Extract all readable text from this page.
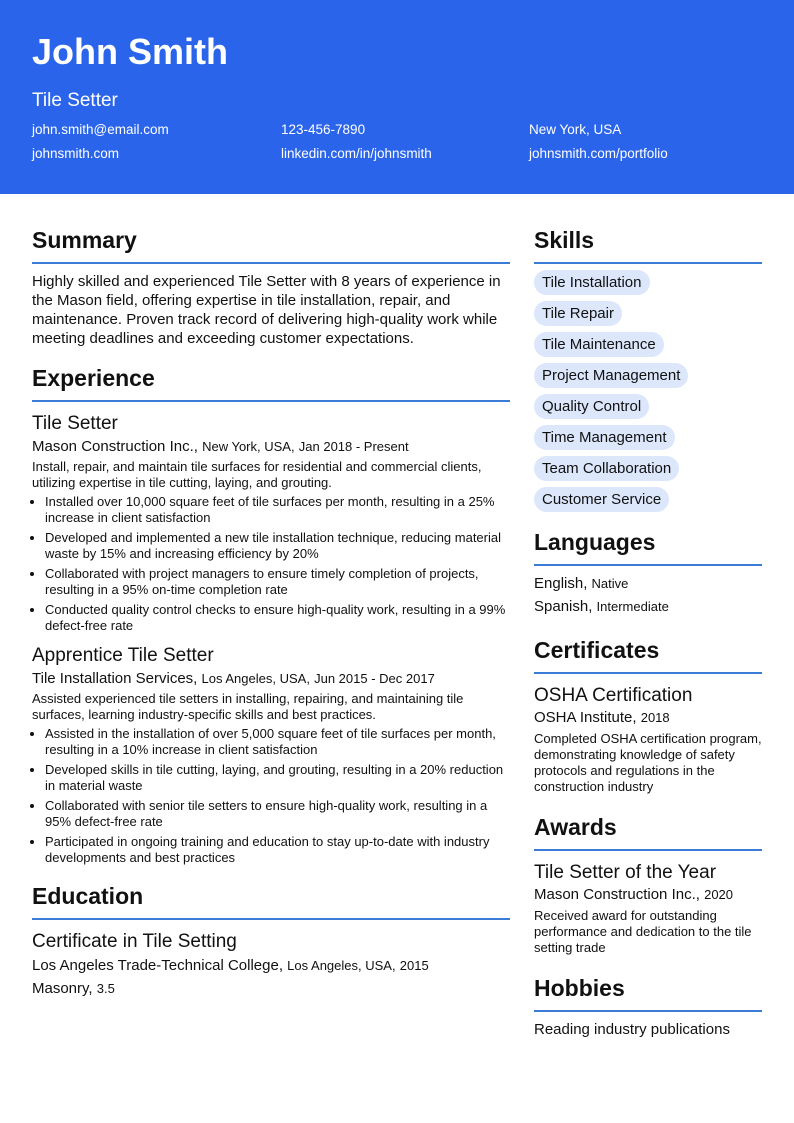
John Smith
Tile Setter
john.smith@email.com	123-456-7890	New York, USA
johnsmith.com	linkedin.com/in/johnsmith	johnsmith.com/portfolio
Summary
Highly skilled and experienced Tile Setter with 8 years of experience in the Mason field, offering expertise in tile installation, repair, and maintenance. Proven track record of delivering high-quality work while meeting deadlines and exceeding customer expectations.
Experience
Tile Setter
Mason Construction Inc., New York, USA, Jan 2018 - Present
Install, repair, and maintain tile surfaces for residential and commercial clients, utilizing expertise in tile cutting, laying, and grouting.
• Installed over 10,000 square feet of tile surfaces per month, resulting in a 25% increase in client satisfaction
• Developed and implemented a new tile installation technique, reducing material waste by 15% and increasing efficiency by 20%
• Collaborated with project managers to ensure timely completion of projects, resulting in a 95% on-time completion rate
• Conducted quality control checks to ensure high-quality work, resulting in a 99% defect-free rate
Apprentice Tile Setter
Tile Installation Services, Los Angeles, USA, Jun 2015 - Dec 2017
Assisted experienced tile setters in installing, repairing, and maintaining tile surfaces, learning industry-specific skills and best practices.
• Assisted in the installation of over 5,000 square feet of tile surfaces per month, resulting in a 10% increase in client satisfaction
• Developed skills in tile cutting, laying, and grouting, resulting in a 20% reduction in material waste
• Collaborated with senior tile setters to ensure high-quality work, resulting in a 95% defect-free rate
• Participated in ongoing training and education to stay up-to-date with industry developments and best practices
Education
Certificate in Tile Setting
Los Angeles Trade-Technical College, Los Angeles, USA, 2015
Masonry, 3.5
Skills
Tile Installation
Tile Repair
Tile Maintenance
Project Management
Quality Control
Time Management
Team Collaboration
Customer Service
Languages
English, Native
Spanish, Intermediate
Certificates
OSHA Certification
OSHA Institute, 2018
Completed OSHA certification program, demonstrating knowledge of safety protocols and regulations in the construction industry
Awards
Tile Setter of the Year
Mason Construction Inc., 2020
Received award for outstanding performance and dedication to the tile setting trade
Hobbies
Reading industry publications
